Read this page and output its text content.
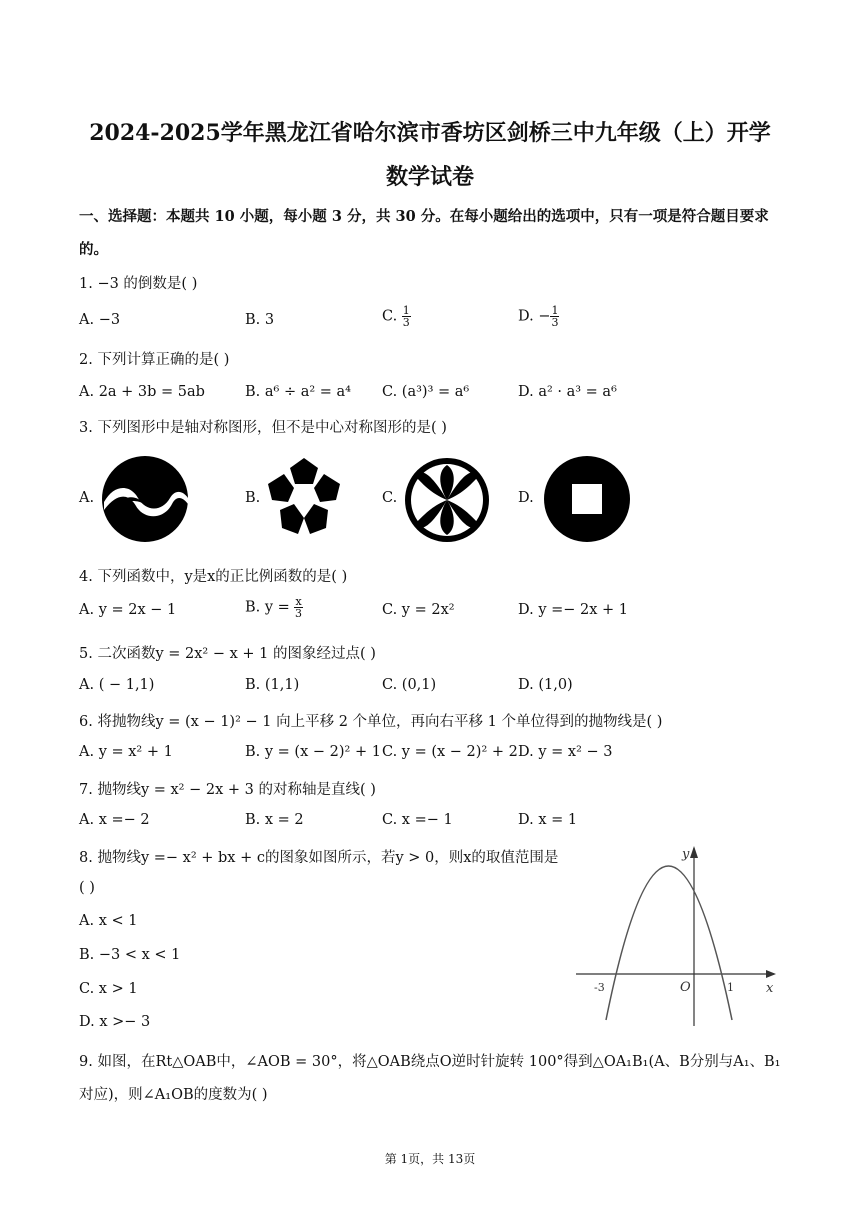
2024-2025学年黑龙江省哈尔滨市香坊区剑桥三中九年级（上）开学
数学试卷
一、选择题：本题共 10 小题，每小题 3 分，共 30 分。在每小题给出的选项中，只有一项是符合题目要求
的。
1. −3 的倒数是( )
A. −3	B. 3	C. $\frac{1}{3}$	D. − $\frac{1}{3}$
2. 下列计算正确的是( )
A. 2a + 3b = 5ab	B. a⁶ ÷ a² = a⁴ C. (a³)³ = a⁶	D. a² · a³ = a⁶
3. 下列图形中是轴对称图形，但不是中心对称图形的是( )
A.	B.	C.	D.
4. 下列函数中，y是x的正比例函数的是( )
A. y = 2x − 1	B. $y = \frac{x}{3}$	C. y = 2x²	D. y =− 2x + 1
5. 二次函数y = 2x² − x + 1 的图象经过点( )
A. ( − 1,1)	B. (1,1)	C. (0,1)	D. (1,0)
6. 将抛物线y = (x − 1)² − 1 向上平移 2 个单位，再向右平移 1 个单位得到的抛物线是( )
A. y = x² + 1	B. y = (x − 2)² + 1 C. y = (x − 2)² + 2 D. y = x² − 3
7. 抛物线y = x² − 2x + 3 的对称轴是直线( )
A. x =− 2	B. x = 2	C. x =− 1	D. x = 1
8. 抛物线y =− x² + bx + c的图象如图所示，若y > 0，则x的取值范围是
( )
A. x < 1
B. −3 < x < 1
C. x > 1
D. x >− 3
y
x
O
-3	1
9. 如图，在Rt△OAB中，∠AOB = 30°，将△OAB绕点O逆时针旋转 100°得到△OA₁B₁(A、B分别与A₁、B₁
对应)，则∠A₁OB的度数为( )
第 1页，共 13页
